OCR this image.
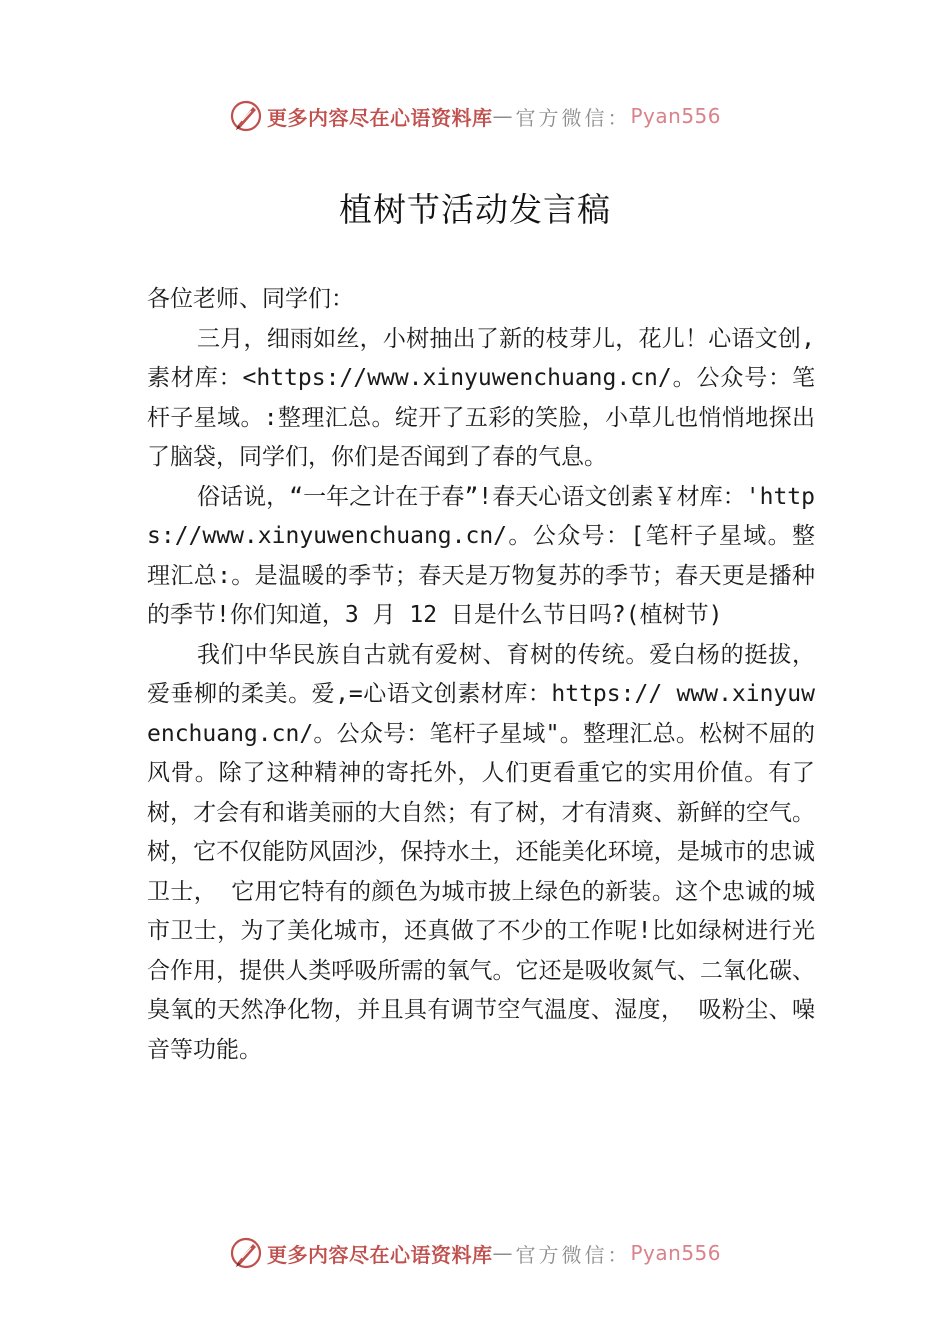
更多内容尽在心语资料库 — 官方微信： Pyan556
植树节活动发言稿

各位老师、同学们：

三月，细雨如丝，小树抽出了新的枝芽儿，花儿！心语文创,素材库：<https://www.xinyuwenchuang.cn/。公众号：笔杆子星域。:整理汇总。绽开了五彩的笑脸，小草儿也悄悄地探出了脑袋，同学们，你们是否闻到了春的气息。

俗话说，“一年之计在于春”!春天心语文创素￥材库：'https://www.xinyuwenchuang.cn/。公众号：[笔杆子星域。整理汇总:。是温暖的季节；春天是万物复苏的季节；春天更是播种的季节!你们知道，3 月 12 日是什么节日吗?(植树节)

我们中华民族自古就有爱树、育树的传统。爱白杨的挺拔，爱垂柳的柔美。爱,=心语文创素材库：https:// www.xinyuwenchuang.cn/。公众号：笔杆子星域"。整理汇总。松树不屈的风骨。除了这种精神的寄托外，人们更看重它的实用价值。有了树，才会有和谐美丽的大自然；有了树，才有清爽、新鲜的空气。树，它不仅能防风固沙，保持水土，还能美化环境，是城市的忠诚卫士， 它用它特有的颜色为城市披上绿色的新装。这个忠诚的城市卫士，为了美化城市，还真做了不少的工作呢!比如绿树进行光合作用，提供人类呼吸所需的氧气。它还是吸收氮气、二氧化碳、臭氧的天然净化物，并且具有调节空气温度、湿度， 吸粉尘、噪音等功能。

更多内容尽在心语资料库 — 官方微信： Pyan556
